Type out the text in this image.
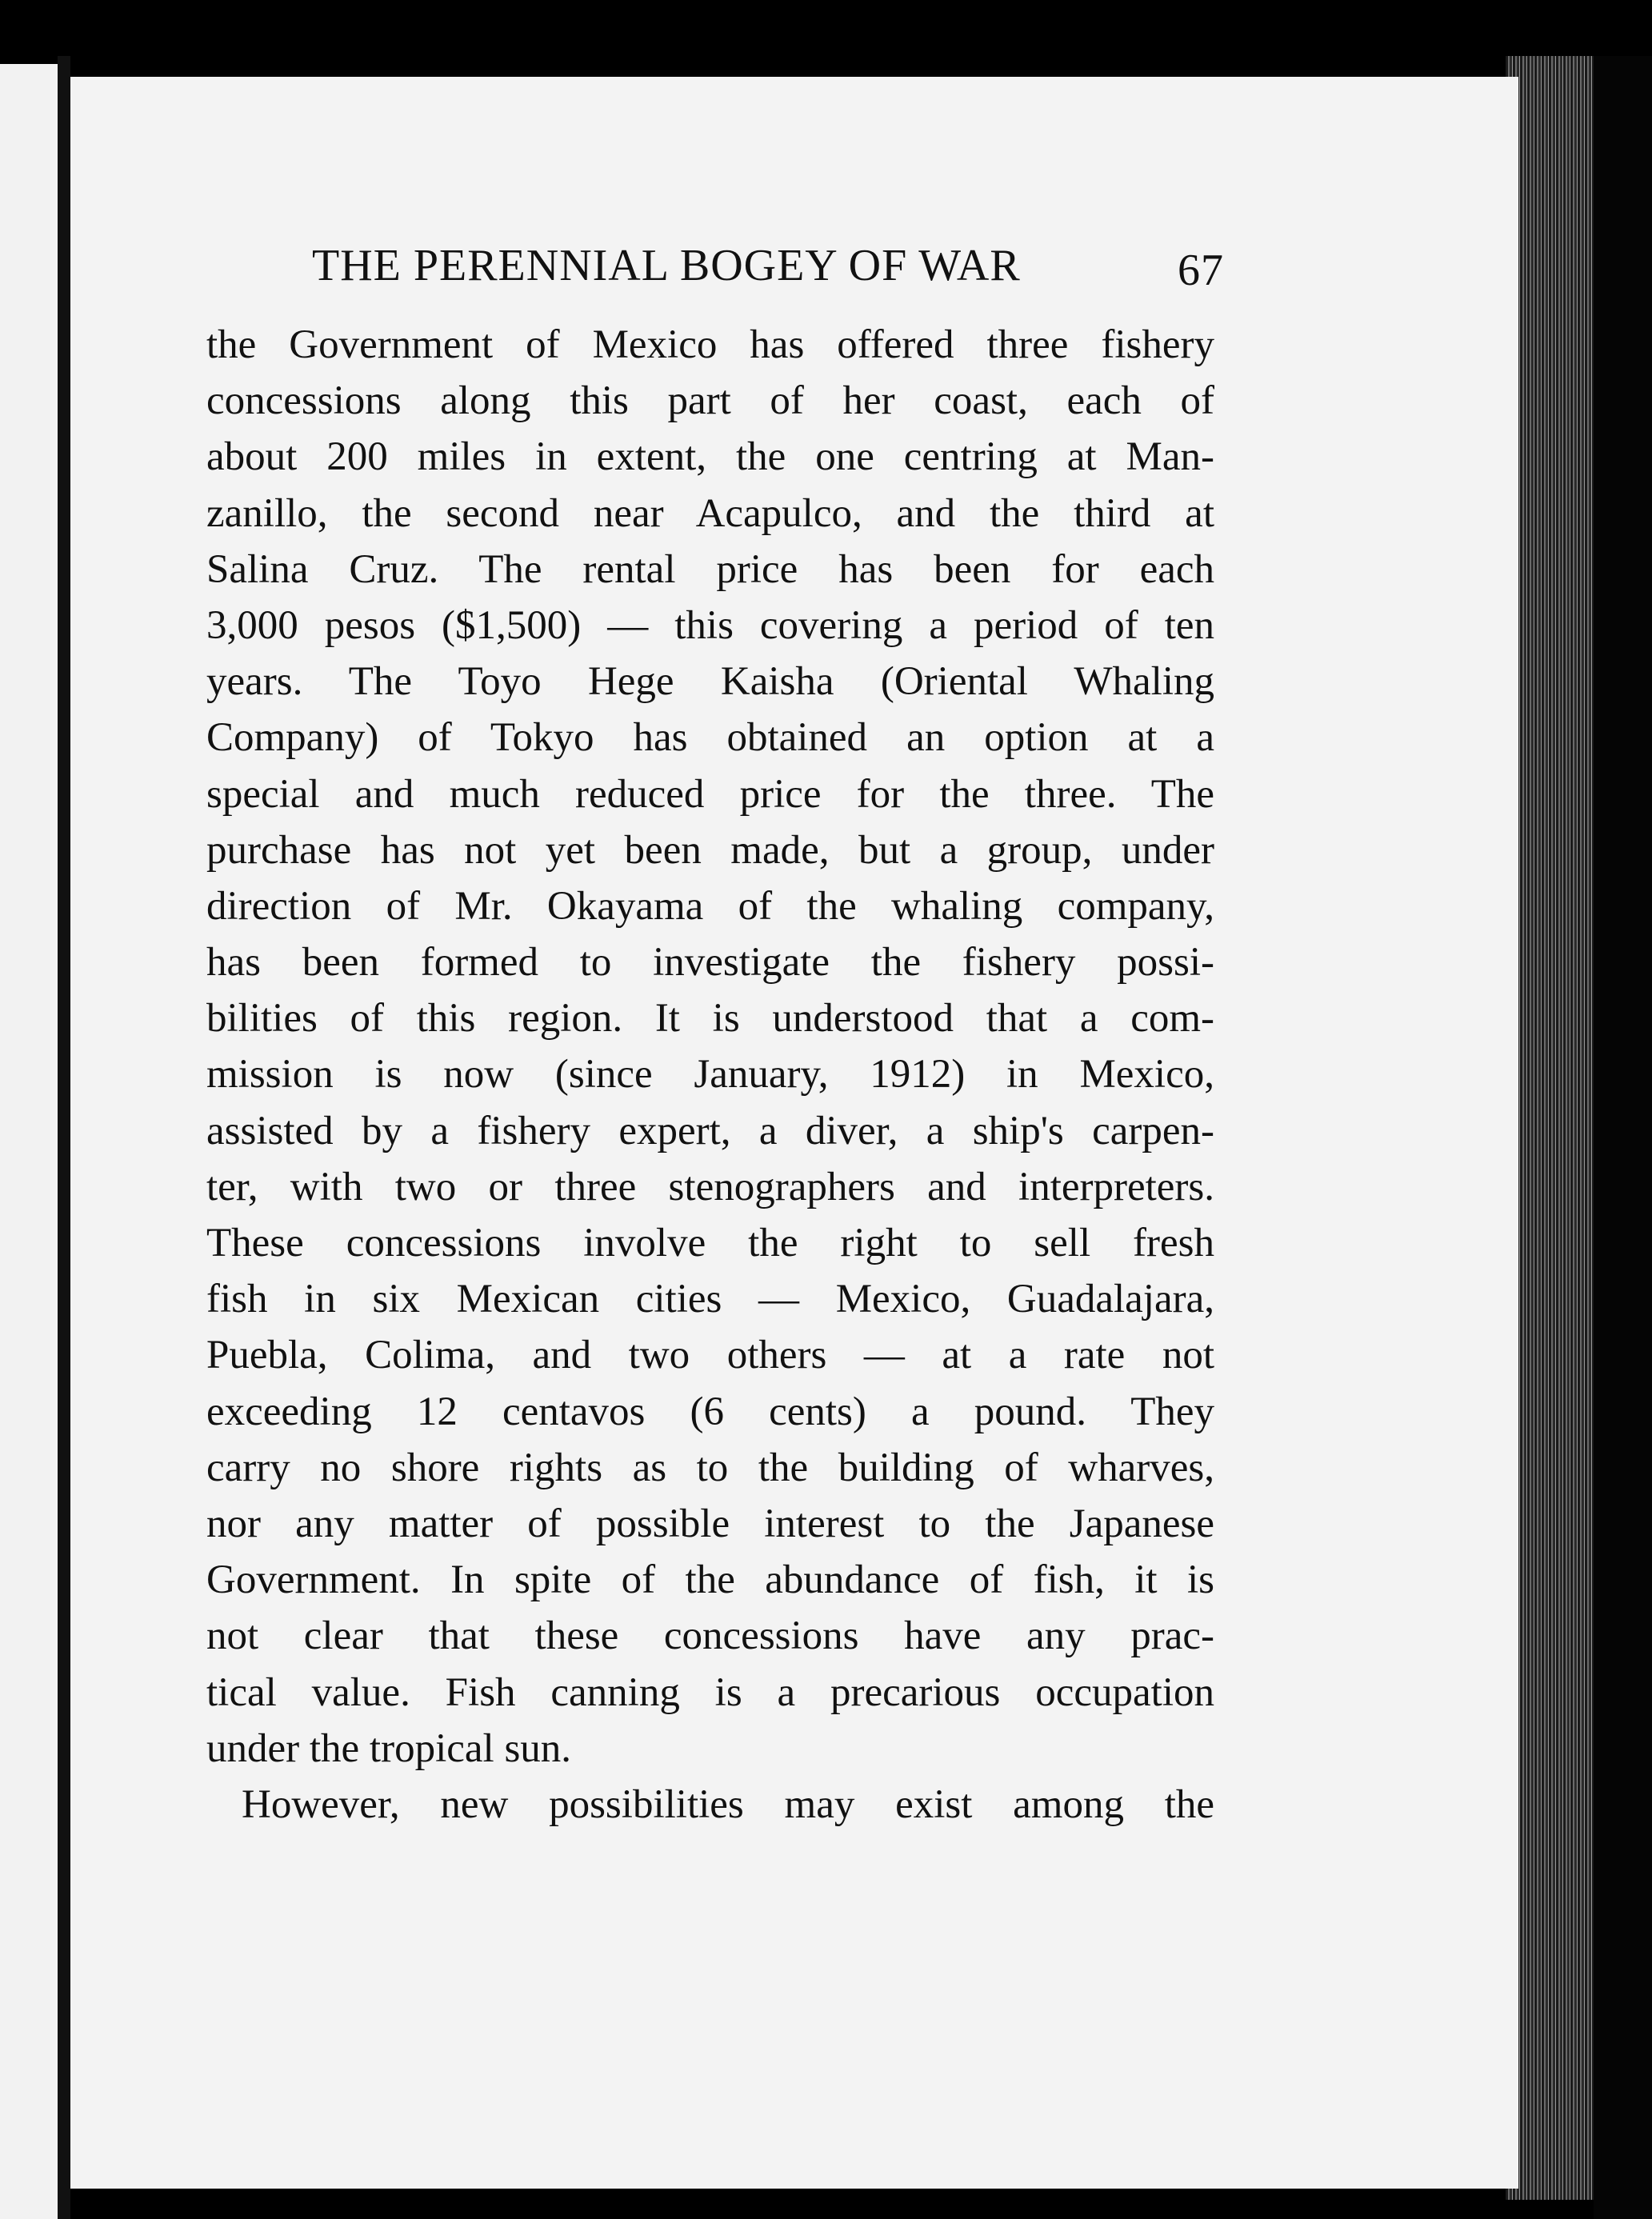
THE PERENNIAL BOGEY OF WAR	67
the Government of Mexico has offered three fishery
concessions along this part of her coast, each of
about 200 miles in extent, the one centring at Man-
zanillo, the second near Acapulco, and the third at
Salina Cruz. The rental price has been for each
3,000 pesos ($1,500) — this covering a period of ten
years. The Toyo Hege Kaisha (Oriental Whaling
Company) of Tokyo has obtained an option at a
special and much reduced price for the three. The
purchase has not yet been made, but a group, under
direction of Mr. Okayama of the whaling company,
has been formed to investigate the fishery possi-
bilities of this region. It is understood that a com-
mission is now (since January, 1912) in Mexico,
assisted by a fishery expert, a diver, a ship's carpen-
ter, with two or three stenographers and interpreters.
These concessions involve the right to sell fresh
fish in six Mexican cities — Mexico, Guadalajara,
Puebla, Colima, and two others — at a rate not
exceeding 12 centavos (6 cents) a pound. They
carry no shore rights as to the building of wharves,
nor any matter of possible interest to the Japanese
Government. In spite of the abundance of fish, it is
not clear that these concessions have any prac-
tical value. Fish canning is a precarious occupation
under the tropical sun.
However, new possibilities may exist among the
